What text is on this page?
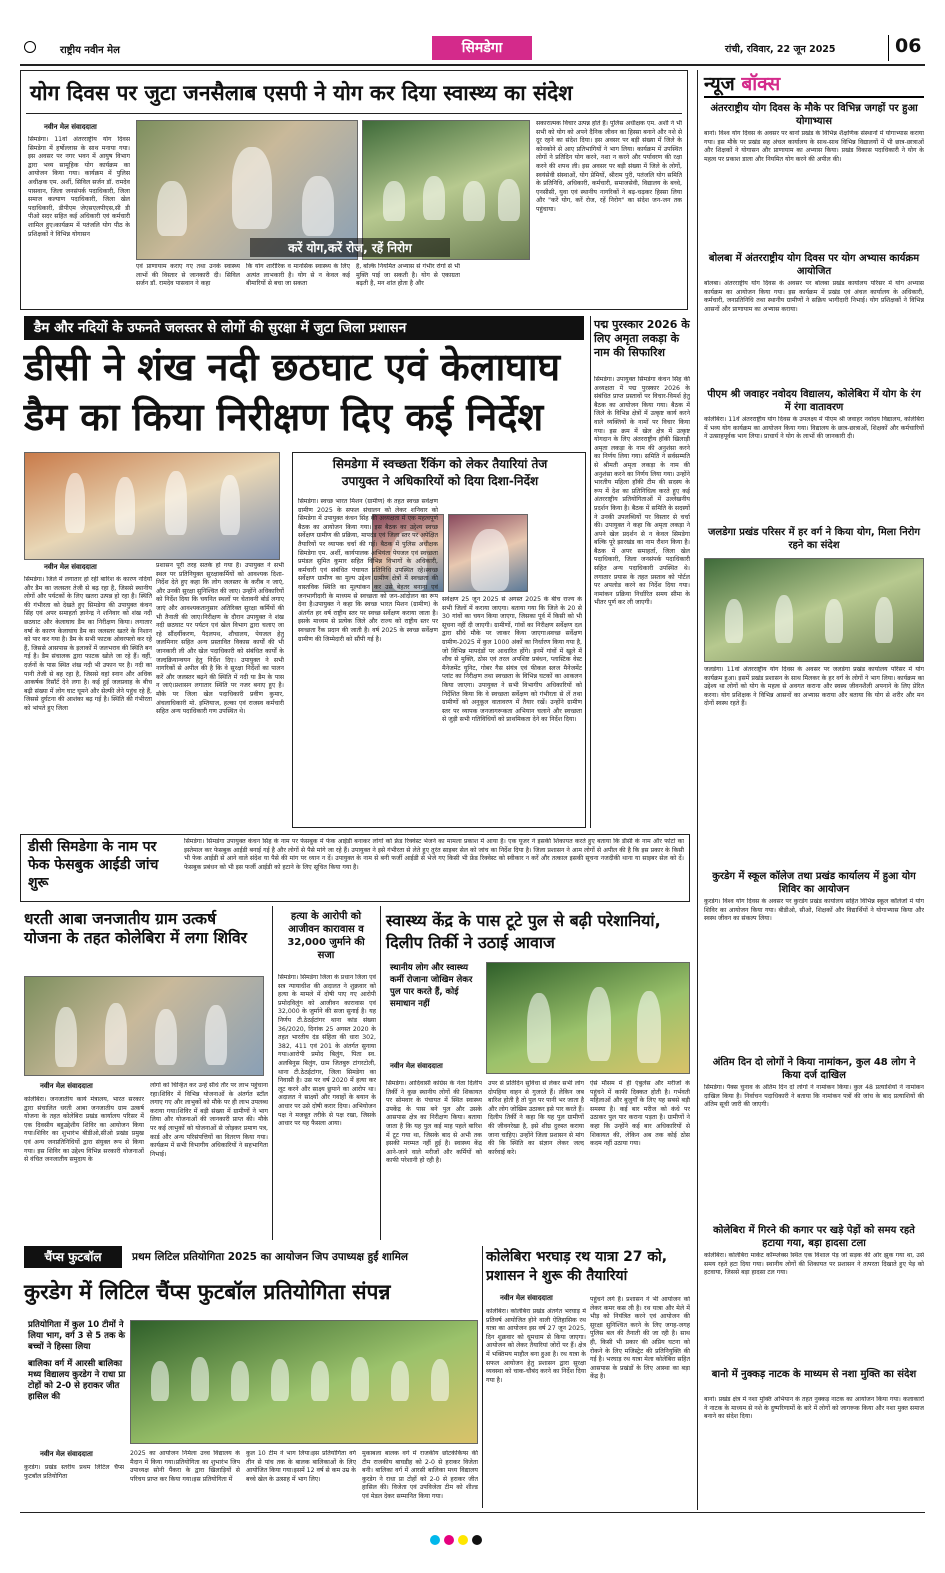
राष्ट्रीय नवीन मेल	सिमडेगा	रांची, रविवार, 22 जून 2025	06
योग दिवस पर जुटा जनसैलाब एसपी ने योग कर दिया स्वास्थ्य का संदेश
नवीन मेल संवाददाता
करें योग,करें रोज, रहें निरोग
सिमडेगा। 11वां अंतरराष्ट्रीय योग दिवस सिमडेगा में हर्षोल्लास के साथ मनाया गया। इस अवसर पर नगर भवन में आयुष विभाग द्वारा भव्य सामूहिक योग कार्यक्रम का आयोजन किया गया। कार्यक्रम में पुलिस अधीक्षक एम. अर्शी, सिविल सर्जन डॉ. रामदेव पासवान, जिला जनसंपर्क पदाधिकारी, जिला समाज कल्याण पदाधिकारी, जिला खेल पदाधिकारी, डीपीएम जेएसएलपीएस,सी डी पीओ सदर सहित कई अधिकारी एवं कर्मचारी शामिल हुए।कार्यक्रम में पतंजलि योग पीठ के प्रशिक्षकों ने विभिन्न योगासन
एवं प्राणायाम कराए गए तथा उनके स्वास्थ्य लाभों की विस्तार से जानकारी दी। सिविल सर्जन डॉ. रामदेव पासवान ने कहा
कि योग शारीरिक व मानसिक स्वास्थ्य के लिए अत्यंत लाभकारी है। योग से न केवल कई बीमारियों से बचा जा सकता
है, बल्कि नियमित अभ्यास से गंभीर रोगों से भी मुक्ति पाई जा सकती है। योग से एकाग्रता बढ़ती है, मन शांत होता है और
सकारात्मक विचार उत्पन्न होते हैं। पुलिस अधीक्षक एम. अर्शी ने भी सभी को योग को अपने दैनिक जीवन का हिस्सा बनाने और नशे से दूर रहने का संदेश दिया। इस अवसर पर बड़ी संख्या में जिले के कोनकोने से आए प्रतिभागियों ने भाग लिया। कार्यक्रम में उपस्थित लोगों ने प्रतिदिन योग करने, नशा न करने और पर्यावरण की रक्षा करने की शपथ ली। इस अवसर पर बड़ी संख्या में जिले के लोगों, स्वयंसेवी संस्थाओं, योग प्रेमियों, श्रीराम पुरी, पतंजलि योग समिति के प्रतिनिधि, अधिकारी, कर्मचारी, समाजसेवी, विद्यालय के बच्चे, एनसीसी, युवा एवं स्थानीय नागरिकों ने बढ़-चढ़कर हिस्सा लिया और "करें योग, करें रोज, रहें निरोग" का संदेश जन-जन तक पहुंचाया।
डैम और नदियों के उफनते जलस्तर से लोगों की सुरक्षा में जुटा जिला प्रशासन
डीसी ने शंख नदी छठघाट एवं केलाघाघ
डैम का किया निरीक्षण दिए कई निर्देश
नवीन मेल संवाददाता
सिमडेगा। जिले में लगातार हो रही बारिश के कारण नदियों और डैम का जलस्तर तेजी से बढ़ रहा है, जिससे स्थानीय लोगों और पर्यटकों के लिए खतरा उत्पन्न हो रहा है। स्थिति की गंभीरता को देखते हुए सिमडेगा की उपायुक्त कंचन सिंह एवं अपर समाहर्ता ज्ञानेन्द्र ने शनिवार को शंख नदी छठघाट और केलाघाघ डैम का निरीक्षण किया। लगातार वर्षा के कारण केलाघाघ डैम का जलस्तर खतरे के निशान को पार कर गया है। डैम के सभी फाटक ओवरफ्लो कर रहे हैं, जिससे आसपास के इलाकों में जलभराव की स्थिति बन गई है। डैम संचालक द्वारा फाटक खोले जा रहे हैं। वहीं, दर्जनों के पास स्थित शंख नदी भी उफान पर है। नदी का पानी तेजी से बह रहा है, जिससे वहां स्नान और अधिक आकर्षक रिसॉर्ट देने लगा है। कई हुई जलप्रवाह के बीच बढ़ी संख्या में लोग घाट घूमने और सेल्फी लेने पहुंच रहे हैं, जिससे दुर्घटना की आशंका बढ़ गई है। स्थिति की गंभीरता को भांपते हुए जिला
प्रशासन पूरी तरह सतर्क हो गया है। उपायुक्त ने सभी स्थल पर प्रतिनियुक्त सुरक्षाकर्मियों को आवश्यक दिशा-निर्देश देते हुए कहा कि लोग जलस्तर के करीब न जाएं, और उनकी सुरक्षा सुनिश्चित की जाए। उन्होंने अधिकारियों को निर्देश दिया कि चयनित स्थलों पर चेतावनी बोर्ड लगाए जाएं और आवश्यकतानुसार अतिरिक्त सुरक्षा कर्मियों की भी तैनाती की जाए।निरीक्षण के दौरान उपायुक्त ने शंख नदी छठघाट पर पर्यटन एवं खेल विभाग द्वारा चलाए जा रहे सौंदर्यीकरण, पैदलपथ, शौचालय, पेयजल हेतु जलमिनार सहित अन्य प्रस्तावित विकास कार्यों की भी जानकारी ली और खेल पदाधिकारी को संबंधित कार्यों के जल्दक्रियान्वयन हेतु निर्देश दिए। उपायुक्त ने सभी नागरिकों से अपील की है कि वे सुरक्षा निर्देशों का पालन करें और जलस्तर बढ़ने की स्थिति में नदी या डैम के पास न जाएं।प्रशासन लगातार स्थिति पर नजर बनाए हुए है। मौके पर जिला खेल पदाधिकारी प्रवीण कुमार, अंचलाधिकारी मो. इम्तियाज, हल्का एवं राजस्व कर्मचारी सहित अन्य पदाधिकारी गण उपस्थित थे।
सिमडेगा में स्वच्छता रैंकिंग को लेकर तैयारियां तेज
उपायुक्त ने अधिकारियों को दिया दिशा-निर्देश
सिमडेगा। स्वच्छ भारत मिशन (ग्रामीण) के तहत स्वच्छ सर्वेक्षण ग्रामीण 2025 के सफल संचालन को लेकर शनिवार को सिमडेगा में उपायुक्त कंचन सिंह की अध्यक्षता में एक महत्वपूर्ण बैठक का आयोजन किया गया। इस बैठक का उद्देश्य स्वच्छ सर्वेक्षण ग्रामीण की प्रक्रिया, मापदंड एवं जिला स्तर पर अपेक्षित तैयारियों पर व्यापक चर्चा की गई। बैठक में पुलिस अधीक्षक सिमडेगा एम. अर्शी, कार्यपालक अभियंता पेयजल एवं स्वच्छता प्रमंडल सुमित कुमार सहित विभिन्न विभागों के अधिकारी, कर्मचारी एवं संबंधित पंचायत प्रतिनिधि उपस्थित रहे।स्वच्छ सर्वेक्षण ग्रामीण का मूल्य उद्देश्य ग्रामीण क्षेत्रों में स्वच्छता की वास्तविक स्थिति का मूल्यांकन कर उसे बेहतर बनाना एवं जनभागीदारी के माध्यम से स्वच्छता को जन-आंदोलन का रूप देना है।उपायुक्त ने कहा कि स्वच्छ भारत मिशन (ग्रामीण) के अंतर्गत हर वर्ष राष्ट्रीय स्तर पर स्वच्छ सर्वेक्षण कराया जाता है। इसके माध्यम से प्रत्येक जिले और राज्य को राष्ट्रीय स्तर पर स्वच्छता रैंक प्रदान की जाती है। वर्ष 2025 के स्वच्छ सर्वेक्षण ग्रामीण की जिम्मेदारी को सौंपी गई है।
सर्वेक्षण 25 जून 2025 से अगस्त 2025 के बीच राज्य के सभी जिलों में कराया जाएगा। बताया गया कि जिले के 20 से 30 गांवों का चयन किया जाएगा, जिसका पूर्व में किसी को भी सूचना नहीं दी जाएगी। ग्रामीणों, गांवों का निरीक्षण सर्वेक्षण दल द्वारा सीधे मौके पर जाकर किया जाएगा।स्वच्छ सर्वेक्षण ग्रामीण-2025 में कुल 1000 अंकों का निर्धारण किया गया है, जो विभिन्न मापदंडों पर आधारित होंगे। इनमें गांवों में खुले में शौच से मुक्ति, ठोस एवं तरल अपशिष्ट प्रबंधन, प्लास्टिक वेस्ट मैनेजमेंट यूनिट, गोबर गैस संयंत्र एवं फीकल स्लज मैनेजमेंट प्लांट का निरीक्षण तथा स्वच्छता के विभिन्न घटकों का आकलन किया जाएगा। उपायुक्त ने सभी विभागीय अधिकारियों को निर्देशित किया कि वे स्वच्छता सर्वेक्षण को गंभीरता से लें तथा ग्रामीणों को अनुकूल वातावरण में तैयार रखें। उन्होंने ग्रामीण स्तर पर व्यापक जनजागरूकता अभियान चलाने और स्वच्छता से जुड़ी सभी गतिविधियों को प्राथमिकता देने का निर्देश दिया।
पद्म पुरस्कार 2026 के लिए अमृता लकड़ा के नाम की सिफारिश
सिमडेगा। उपायुक्त सिमडेगा कंचन सिंह की अध्यक्षता में पद्म पुरस्कार 2026 के संबंधित प्राप्त प्रस्तावों पर विचार-विमर्श हेतु बैठक का आयोजन किया गया। बैठक में जिले के विभिन्न क्षेत्रों में उत्कृष्ट कार्य करने वाले व्यक्तियों के नामों पर विचार किया गया। इस क्रम में खेल क्षेत्र में उत्कृष्ट योगदान के लिए अंतरराष्ट्रीय हॉकी खिलाड़ी अमृता लकड़ा के नाम की अनुशंसा करने का निर्णय लिया गया। समिति ने सर्वसम्मति से श्रीमती अमृता लकड़ा के नाम की अनुशंसा करने का निर्णय लिया गया। उन्होंने भारतीय महिला हॉकी टीम की सदस्य के रूप में देश का प्रतिनिधित्व करते हुए कई अंतरराष्ट्रीय प्रतियोगिताओं में उल्लेखनीय प्रदर्शन किया है। बैठक में समिति के सदस्यों ने उनकी उपलब्धियों पर विस्तार से चर्चा की। उपायुक्त ने कहा कि अमृता लकड़ा ने अपने खेल प्रदर्शन से न केवल सिमडेगा बल्कि पूरे झारखंड का नाम रौशन किया है। बैठक में अपर समाहर्ता, जिला खेल पदाधिकारी, जिला जनसंपर्क पदाधिकारी सहित अन्य पदाधिकारी उपस्थित थे। लगातार प्रयास के तहत प्रस्ताव को पोर्टल पर अपलोड करने का निर्देश दिया गया। नामांकन प्रक्रिया निर्धारित समय सीमा के भीतर पूर्ण कर ली जाएगी।
डीसी सिमडेगा के नाम पर फेक फेसबुक आईडी जांच शुरू
सिमडेगा। सिमडेगा उपायुक्त कंचन सिंह के नाम पर फेसबुक में फेक आईडी बनाकर लोगों को फ्रेंड रिक्वेस्ट भेजने का मामला प्रकाश में आया है। एक यूजर ने इसकी शिकायत करते हुए बताया कि डीसी के नाम और फोटो का इस्तेमाल कर फेसबुक आईडी बनाई गई है और लोगों से पैसे मांगे जा रहे हैं। उपायुक्त ने इसे गंभीरता से लेते हुए तुरंत साइबर सेल को जांच का निर्देश दिया है। जिला प्रशासन ने आम लोगों से अपील की है कि इस प्रकार के किसी भी फेक आईडी से आने वाले संदेश या पैसे की मांग पर ध्यान न दें। उपायुक्त के नाम से बनी फर्जी आईडी से भेजे गए किसी भी फ्रेंड रिक्वेस्ट को स्वीकार न करें और तत्काल इसकी सूचना नजदीकी थाना या साइबर सेल को दें। फेसबुक प्रबंधन को भी इस फर्जी आईडी को हटाने के लिए सूचित किया गया है।
धरती आबा जनजातीय ग्राम उत्कर्ष योजना के तहत कोलेबिरा में लगा शिविर
नवीन मेल संवाददाता
कोलेबिरा। जनजातीय कार्य मंत्रालय, भारत सरकार द्वारा संचालित धरती आबा जनजातीय ग्राम उत्कर्ष योजना के तहत कोलेबिरा प्रखंड कार्यालय परिसर में एक दिवसीय बहुउद्देशीय शिविर का आयोजन किया गया।शिविर का शुभारंभ बीडीओ,सीओ प्रखंड प्रमुख एवं अन्य जनप्रतिनिधियों द्वारा संयुक्त रूप से किया गया। इस शिविर का उद्देश्य विभिन्न सरकारी योजनाओं से वंचित जनजातीय समुदाय के
लोगों को चिन्हित कर उन्हें सीधे तौर पर लाभ पहुंचाना रहा।शिविर में विभिन्न योजनाओं के अंतर्गत स्टॉल लगाए गए और लाभुकों को मौके पर ही लाभ उपलब्ध कराया गया।शिविर में बड़ी संख्या में ग्रामीणों ने भाग लिया और योजनाओं की जानकारी प्राप्त की। मौके पर कई लाभुकों को योजनाओं से जोड़कर प्रमाण पत्र, कार्ड और अन्य परिसंपत्तियों का वितरण किया गया।कार्यक्रम में सभी विभागीय अधिकारियों ने सहभागिता निभाई।
हत्या के आरोपी को आजीवन कारावास व 32,000 जुर्माने की सजा
सिमडेगा। सिमडेगा जिला के प्रधान जिला एवं सत्र न्यायाधीश की अदालत ने शुक्रवार को हत्या के मामले में दोषी पाए गए आरोपी प्रमोदविलुंग को आजीवन कारावास एवं 32,000 के जुर्माने की सजा सुनाई है। यह निर्णय टी.ठेठईटांगर थाना कांड संख्या 36/2020, दिनांक 25 अगस्त 2020 के तहत भारतीय दंड संहिता की धारा 302, 382, 411 एवं 201 के अंतर्गत सुनाया गया।आरोपी प्रमोद बिलुंग, पिता स्व. अलबिनुस बिलुंग, ग्राम जितबुरु टांगरटोली, थाना टी.ठेठईटांगर, जिला सिमडेगा का निवासी है। उस पर वर्ष 2020 में हत्या कर लूट करने और साक्ष्य छुपाने का आरोप था। अदालत ने साक्ष्यों और गवाहों के बयान के आधार पर उसे दोषी करार दिया। अभियोजन पक्ष ने मजबूत तरीके से पक्ष रखा, जिसके आधार पर यह फैसला आया।
स्वास्थ्य केंद्र के पास टूटे पुल से बढ़ी परेशानियां, दिलीप तिर्की ने उठाई आवाज
स्थानीय लोग और स्वास्थ्य कर्मी रोजाना जोखिम लेकर पुल पार करते हैं, कोई समाधान नहीं
नवीन मेल संवाददाता
सिमडेगा। आदिवासी कांग्रेस के नेता दिलीप तिर्की ने कुछ स्थानीय लोगों की शिकायत पर सोमवार के पंचायत में स्थित स्वास्थ्य उपकेंद्र के पास बने पुल और उसके आसपास क्षेत्र का निरीक्षण किया। बताया जाता है कि यह पुल कई माह पहले बारिश में टूट गया था, जिसके बाद से अभी तक इसकी मरम्मत नहीं हुई है। स्वास्थ्य केंद्र आने-जाने वाले मरीजों और कर्मियों को काफी परेशानी हो रही है।
उपर से प्रतिदिन सुविधा से लेकर सभी लोग दोपहिया वाहन से गुजरते हैं। लेकिन जब बारिश होती है तो पुल पर पानी भर जाता है और लोग जोखिम उठाकर इसे पार करते हैं। दिलीप तिर्की ने कहा कि यह पुल ग्रामीणों की जीवनरेखा है, इसे शीघ्र दुरुस्त कराया जाना चाहिए। उन्होंने जिला प्रशासन से मांग की कि स्थिति का संज्ञान लेकर जल्द कार्रवाई करे।
ऐसे मौसम में ही एंबुलेंस और मरीजों के पहुंचने में काफी दिक्कत होती है। गर्भवती महिलाओं और बुजुर्गों के लिए यह सबसे बड़ी समस्या है। कई बार मरीज को कंधे पर उठाकर पुल पार कराना पड़ता है। ग्रामीणों ने कहा कि उन्होंने कई बार अधिकारियों से शिकायत की, लेकिन अब तक कोई ठोस कदम नहीं उठाया गया।
चैंप्स फुटबॉल	प्रथम लिटिल प्रतियोगिता 2025 का आयोजन जिप उपाध्यक्ष हुईं शामिल
कुरडेग में लिटिल चैंप्स फुटबॉल प्रतियोगिता संपन्न
प्रतियोगिता में कुल 10 टीमों ने लिया भाग, वर्ग 3 से 5 तक के बच्चों ने हिस्सा लिया
बालिका वर्ग में आरसी बालिका मध्य विद्यालय कुरडेग ने राधा प्रा टोहों को 2-0 से हराकर जीत हासिल की
नवीन मेल संवाददाता
कुरडेग। प्रखंड स्तरीय प्रथम लिटिल चैंप्स फुटबॉल प्रतियोगिता
2025 का आयोजन निर्मला उच्च विद्यालय के मैदान में किया गया।प्रतियोगिता का शुभारंभ जिप उपाध्यक्ष सोनी पैंकरा के द्वारा खिलाड़ियों से परिचय प्राप्त कर किया गया।इस प्रतियोगिता में
कुल 10 टीम ने भाग लिया।इस प्रतियोगिता वर्ग तीन से पांच तक के बालक बालिकाओं के लिए आयोजित किया गया।इसमें 12 वर्ष से कम उम्र के बच्चे खेल के उत्साह में भाग लिए।
कोलेबिरा भरघाड़ रथ यात्रा 27 को, प्रशासन ने शुरू की तैयारियां
नवीन मेल संवाददाता
कोलेबिरा। कोलेबिरा प्रखंड अंतर्गत भरघाड़ में प्रतिवर्ष आयोजित होने वाली ऐतिहासिक रथ यात्रा का आयोजन इस वर्ष 27 जून 2025, दिन शुक्रवार को धूमधाम से किया जाएगा। आयोजन को लेकर तैयारियां जोरों पर हैं। क्षेत्र में भक्तिमय माहौल बना हुआ है। रथ यात्रा के सफल आयोजन हेतु प्रशासन द्वारा सुरक्षा व्यवस्था को चाक-चौबंद करने का निर्देश दिया गया है।
पहुंचने लगे हैं। प्रशासन ने भी आयोजन को लेकर कमर कस ली है। रथ यात्रा और मेले में भीड़ को नियंत्रित करने एवं आयोजन की सुरक्षा सुनिश्चित करने के लिए जगह-जगह पुलिस बल की तैनाती की जा रही है। साथ ही, किसी भी प्रकार की अप्रिय घटना को रोकने के लिए मजिस्ट्रेट की प्रतिनियुक्ति की गई है। भरघाड़ रथ यात्रा मेला कोलेबिरा सहित आसपास के प्रखंडों के लिए आस्था का बड़ा केंद्र है।
मुकाबला बालक वर्ग में राजकीय छोटकेकिंग्स की टीम राजकीय बाघडीह को 2-0 से हराकर विजेता बनी। बालिका वर्ग में आरसी बालिका मध्य विद्यालय कुरडेग ने राधा प्रा टोहों को 2-0 से हराकर जीत हासिल की। विजेता एवं उपविजेता टीम को शील्ड एवं मेडल देकर सम्मानित किया गया।
न्यूज बॉक्स
अंतरराष्ट्रीय योग दिवस के मौके पर विभिन्न जगहों पर हुआ योगाभ्यास
बानो। विश्व योग दिवस के अवसर पर बानो प्रखंड के विभिन्न शैक्षणिक संस्थानों में योगाभ्यास कराया गया। इस मौके पर प्रखंड सह अंचल कार्यालय के साथ-साथ विभिन्न विद्यालयों में भी छात्र-छात्राओं और शिक्षकों ने योगासन और प्राणायाम का अभ्यास किया। प्रखंड विकास पदाधिकारी ने योग के महत्व पर प्रकाश डाला और नियमित योग करने की अपील की।
बोलबा में अंतरराष्ट्रीय योग दिवस पर योग अभ्यास कार्यक्रम आयोजित
बोलबा। अंतरराष्ट्रीय योग दिवस के अवसर पर बोलबा प्रखंड कार्यालय परिसर में योग अभ्यास कार्यक्रम का आयोजन किया गया। इस कार्यक्रम में प्रखंड एवं अंचल कार्यालय के अधिकारी, कर्मचारी, जनप्रतिनिधि तथा स्थानीय ग्रामीणों ने सक्रिय भागीदारी निभाई। योग प्रशिक्षकों ने विभिन्न आसनों और प्राणायाम का अभ्यास कराया।
पीएम श्री जवाहर नवोदय विद्यालय, कोलेबिरा में योग के रंग में रंगा वातावरण
कोलेबिरा। 11वें अंतरराष्ट्रीय योग दिवस के उपलक्ष्य में पीएम श्री जवाहर नवोदय विद्यालय, कोलेबिरा में भव्य योग कार्यक्रम का आयोजन किया गया। विद्यालय के छात्र-छात्राओं, शिक्षकों और कर्मचारियों ने उत्साहपूर्वक भाग लिया। प्राचार्य ने योग के लाभों की जानकारी दी।
जलडेगा प्रखंड परिसर में हर वर्ग ने किया योग, मिला निरोग रहने का संदेश
जलडेगा। 11वां अंतरराष्ट्रीय योग दिवस के अवसर पर जलडेगा प्रखंड कार्यालय परिसर में योग कार्यक्रम हुआ। इसमें प्रखंड प्रशासन के साथ मिलकर के हर वर्ग के लोगों ने भाग लिया। कार्यक्रम का उद्देश्य था लोगों को योग के महत्व से अवगत कराना और स्वस्थ जीवनशैली अपनाने के लिए प्रेरित करना। योग प्रशिक्षक ने विभिन्न आसनों का अभ्यास कराया और बताया कि योग से शरीर और मन दोनों स्वस्थ रहते हैं।
कुरडेग में स्कूल कॉलेज तथा प्रखंड कार्यालय में हुआ योग शिविर का आयोजन
कुरडेग। विश्व योग दिवस के अवसर पर कुरडेग प्रखंड कार्यालय सहित विभिन्न स्कूल कॉलेजों में योग शिविर का आयोजन किया गया। बीडीओ, सीओ, शिक्षकों और विद्यार्थियों ने योगाभ्यास किया और स्वस्थ जीवन का संकल्प लिया।
अंतिम दिन दो लोगों ने किया नामांकन, कुल 48 लोग ने किया दर्ज दाखिल
सिमडेगा। पैक्स चुनाव के अंतिम दिन दो लोगों ने नामांकन किया। कुल 48 प्रत्याशियों ने नामांकन दाखिल किया है। निर्वाचन पदाधिकारी ने बताया कि नामांकन पत्रों की जांच के बाद प्रत्याशियों की अंतिम सूची जारी की जाएगी।
कोलेबिरा में गिरने की कगार पर खड़े पेड़ों को समय रहते हटाया गया, बड़ा हादसा टला
कोलेबिरा। कोलेबिरा मार्केट कॉम्प्लेक्स स्थित एक विशाल पेड़ जो सड़क की ओर झुक गया था, उसे समय रहते हटा दिया गया। स्थानीय लोगों की शिकायत पर प्रशासन ने तत्परता दिखाते हुए पेड़ को हटवाया, जिससे बड़ा हादसा टल गया।
बानो में नुक्कड़ नाटक के माध्यम से नशा मुक्ति का संदेश
बानो। प्रखंड क्षेत्र में नशा मुक्ति अभियान के तहत नुक्कड़ नाटक का आयोजन किया गया। कलाकारों ने नाटक के माध्यम से नशे के दुष्परिणामों के बारे में लोगों को जागरूक किया और नशा मुक्त समाज बनाने का संदेश दिया।
